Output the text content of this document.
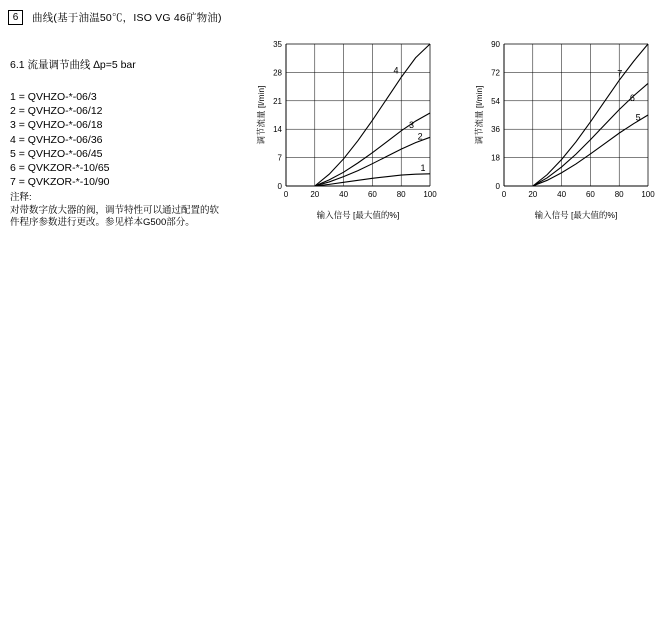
6 曲线(基于油温50℃，ISO VG 46矿物油)
6.1 流量调节曲线 ∆p=5 bar
1 = QVHZO-*-06/3
2 = QVHZO-*-06/12
3 = QVHZO-*-06/18
4 = QVHZO-*-06/36
5 = QVHZO-*-06/45
6 = QVKZOR-*-10/65
7 = QVKZOR-*-10/90
注释:
对带数字放大器的阀，调节特性可以通过配置的软件程序参数进行更改。参见样本G500部分。
0
7
14
21
28
35
0	20 40 60 80 100
1
2
3
4
输入信号 [最大值的%]
调节流量 [l/min]
0
18
36
54
72
90
0	20 40 60 80 100
5
6
7
输入信号 [最大值的%]
调节流量 [l/min]
